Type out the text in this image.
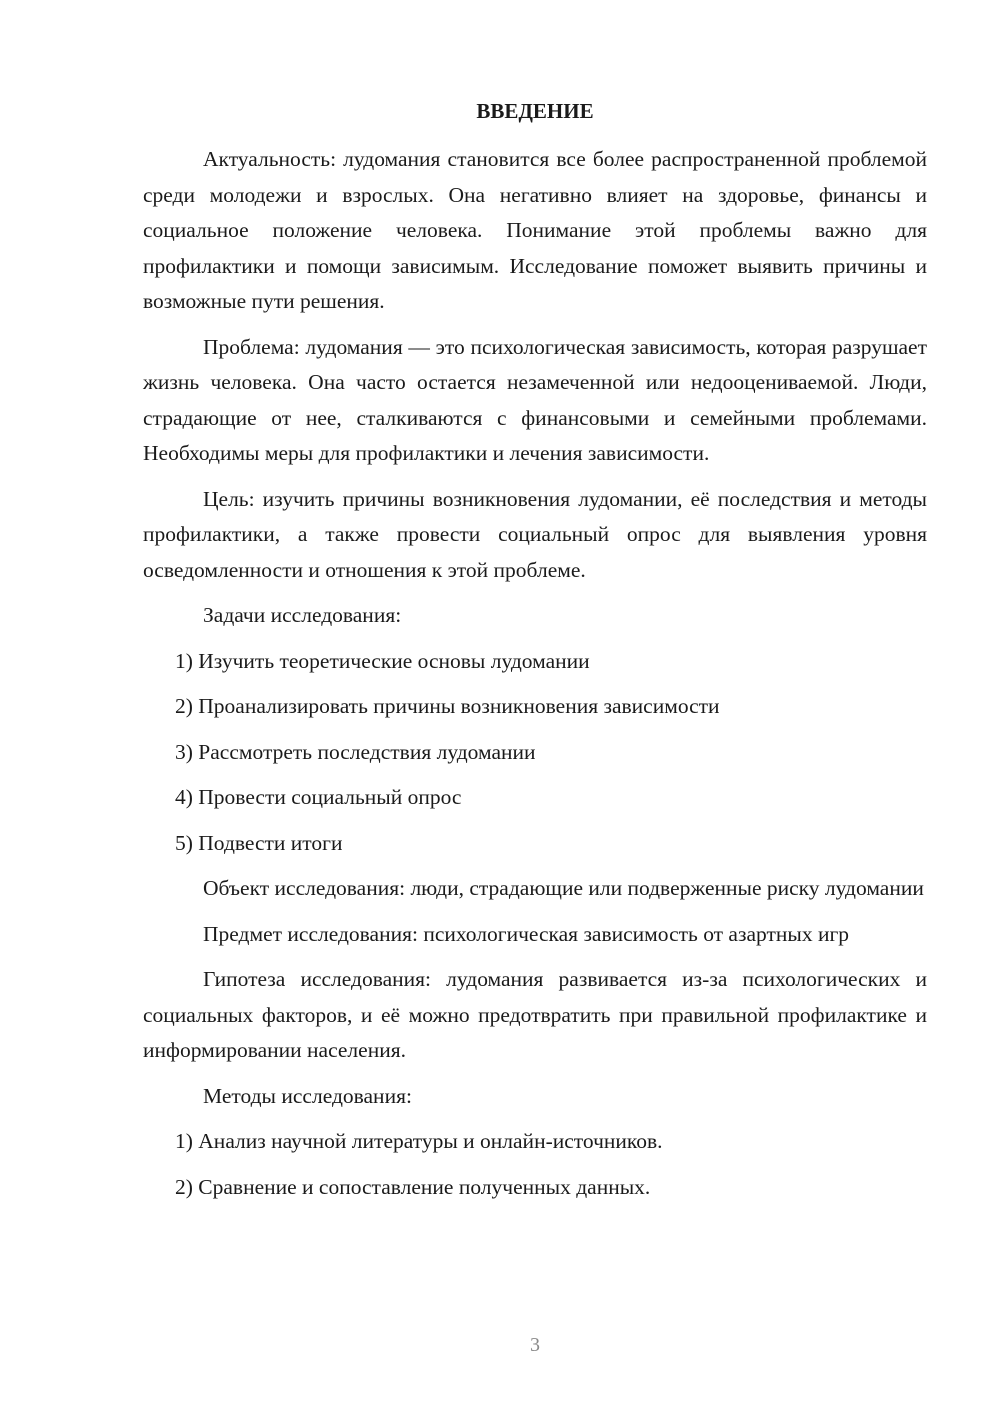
ВВЕДЕНИЕ

Актуальность: лудомания становится все более распространенной проблемой среди молодежи и взрослых. Она негативно влияет на здоровье, финансы и социальное положение человека. Понимание этой проблемы важно для профилактики и помощи зависимым. Исследование поможет выявить причины и возможные пути решения.

Проблема: лудомания — это психологическая зависимость, которая разрушает жизнь человека. Она часто остается незамеченной или недооцениваемой. Люди, страдающие от нее, сталкиваются с финансовыми и семейными проблемами. Необходимы меры для профилактики и лечения зависимости.

Цель: изучить причины возникновения лудомании, её последствия и методы профилактики, а также провести социальный опрос для выявления уровня осведомленности и отношения к этой проблеме.

Задачи исследования:

1) Изучить теоретические основы лудомании

2) Проанализировать причины возникновения зависимости

3) Рассмотреть последствия лудомании

4) Провести социальный опрос

5) Подвести итоги

Объект исследования: люди, страдающие или подверженные риску лудомании

Предмет исследования: психологическая зависимость от азартных игр

Гипотеза исследования: лудомания развивается из-за психологических и социальных факторов, и её можно предотвратить при правильной профилактике и информировании населения.

Методы исследования:

1) Анализ научной литературы и онлайн-источников.

2) Сравнение и сопоставление полученных данных.

3
